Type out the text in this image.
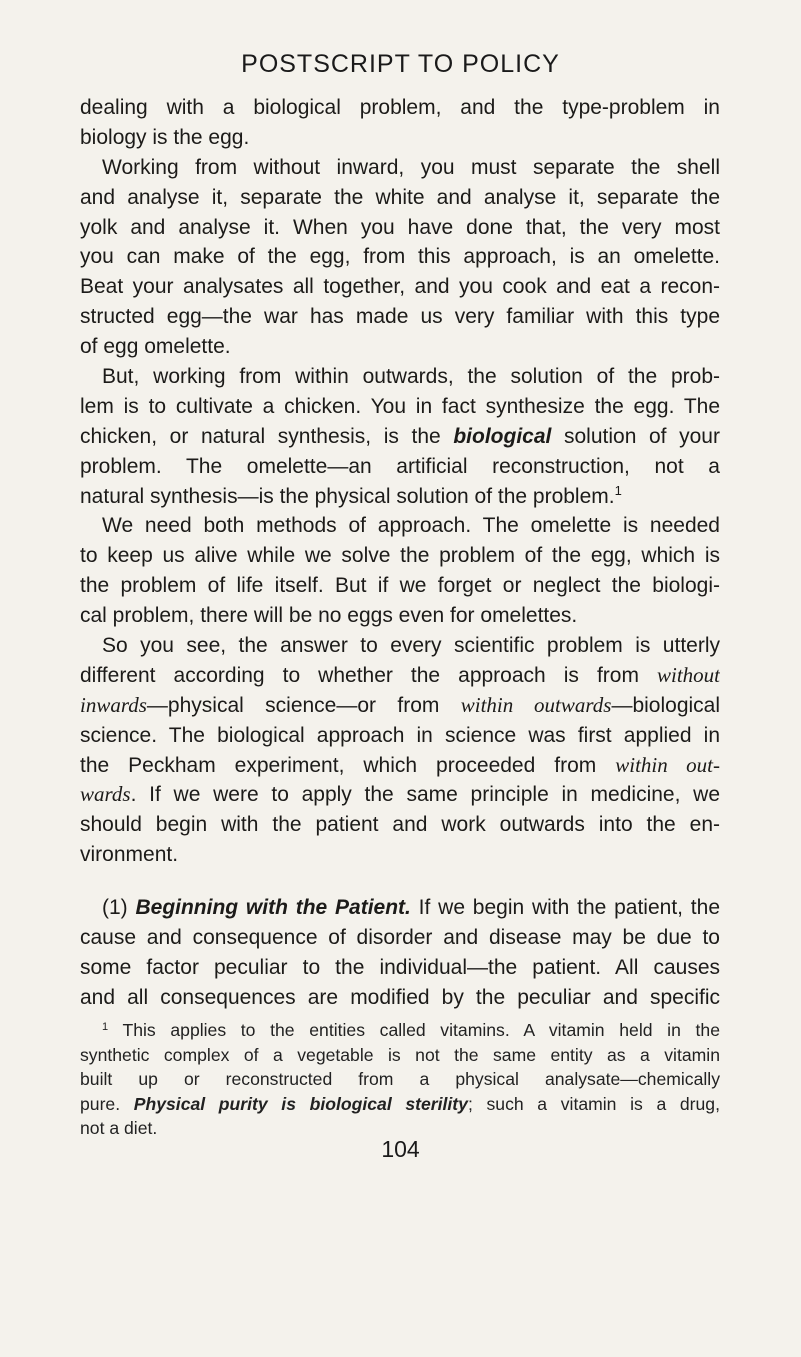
POSTSCRIPT TO POLICY
dealing with a biological problem, and the type-problem in
biology is the egg.
Working from without inward, you must separate the shell
and analyse it, separate the white and analyse it, separate the
yolk and analyse it. When you have done that, the very most
you can make of the egg, from this approach, is an omelette.
Beat your analysates all together, and you cook and eat a recon-
structed egg—the war has made us very familiar with this type
of egg omelette.
But, working from within outwards, the solution of the prob-
lem is to cultivate a chicken. You in fact synthesize the egg. The
chicken, or natural synthesis, is the biological solution of your
problem. The omelette—an artificial reconstruction, not a
natural synthesis—is the physical solution of the problem.$^1$
We need both methods of approach. The omelette is needed
to keep us alive while we solve the problem of the egg, which is
the problem of life itself. But if we forget or neglect the biologi-
cal problem, there will be no eggs even for omelettes.
So you see, the answer to every scientific problem is utterly
different according to whether the approach is from without
inwards—physical science—or from within outwards—biological
science. The biological approach in science was first applied in
the Peckham experiment, which proceeded from within out-
wards. If we were to apply the same principle in medicine, we
should begin with the patient and work outwards into the en-
vironment.
(1) Beginning with the Patient. If we begin with the patient, the
cause and consequence of disorder and disease may be due to
some factor peculiar to the individual—the patient. All causes
and all consequences are modified by the peculiar and specific
$^1$ This applies to the entities called vitamins. A vitamin held in the
synthetic complex of a vegetable is not the same entity as a vitamin
built up or reconstructed from a physical analysate—chemically
pure. Physical purity is biological sterility; such a vitamin is a drug,
not a diet.
104
